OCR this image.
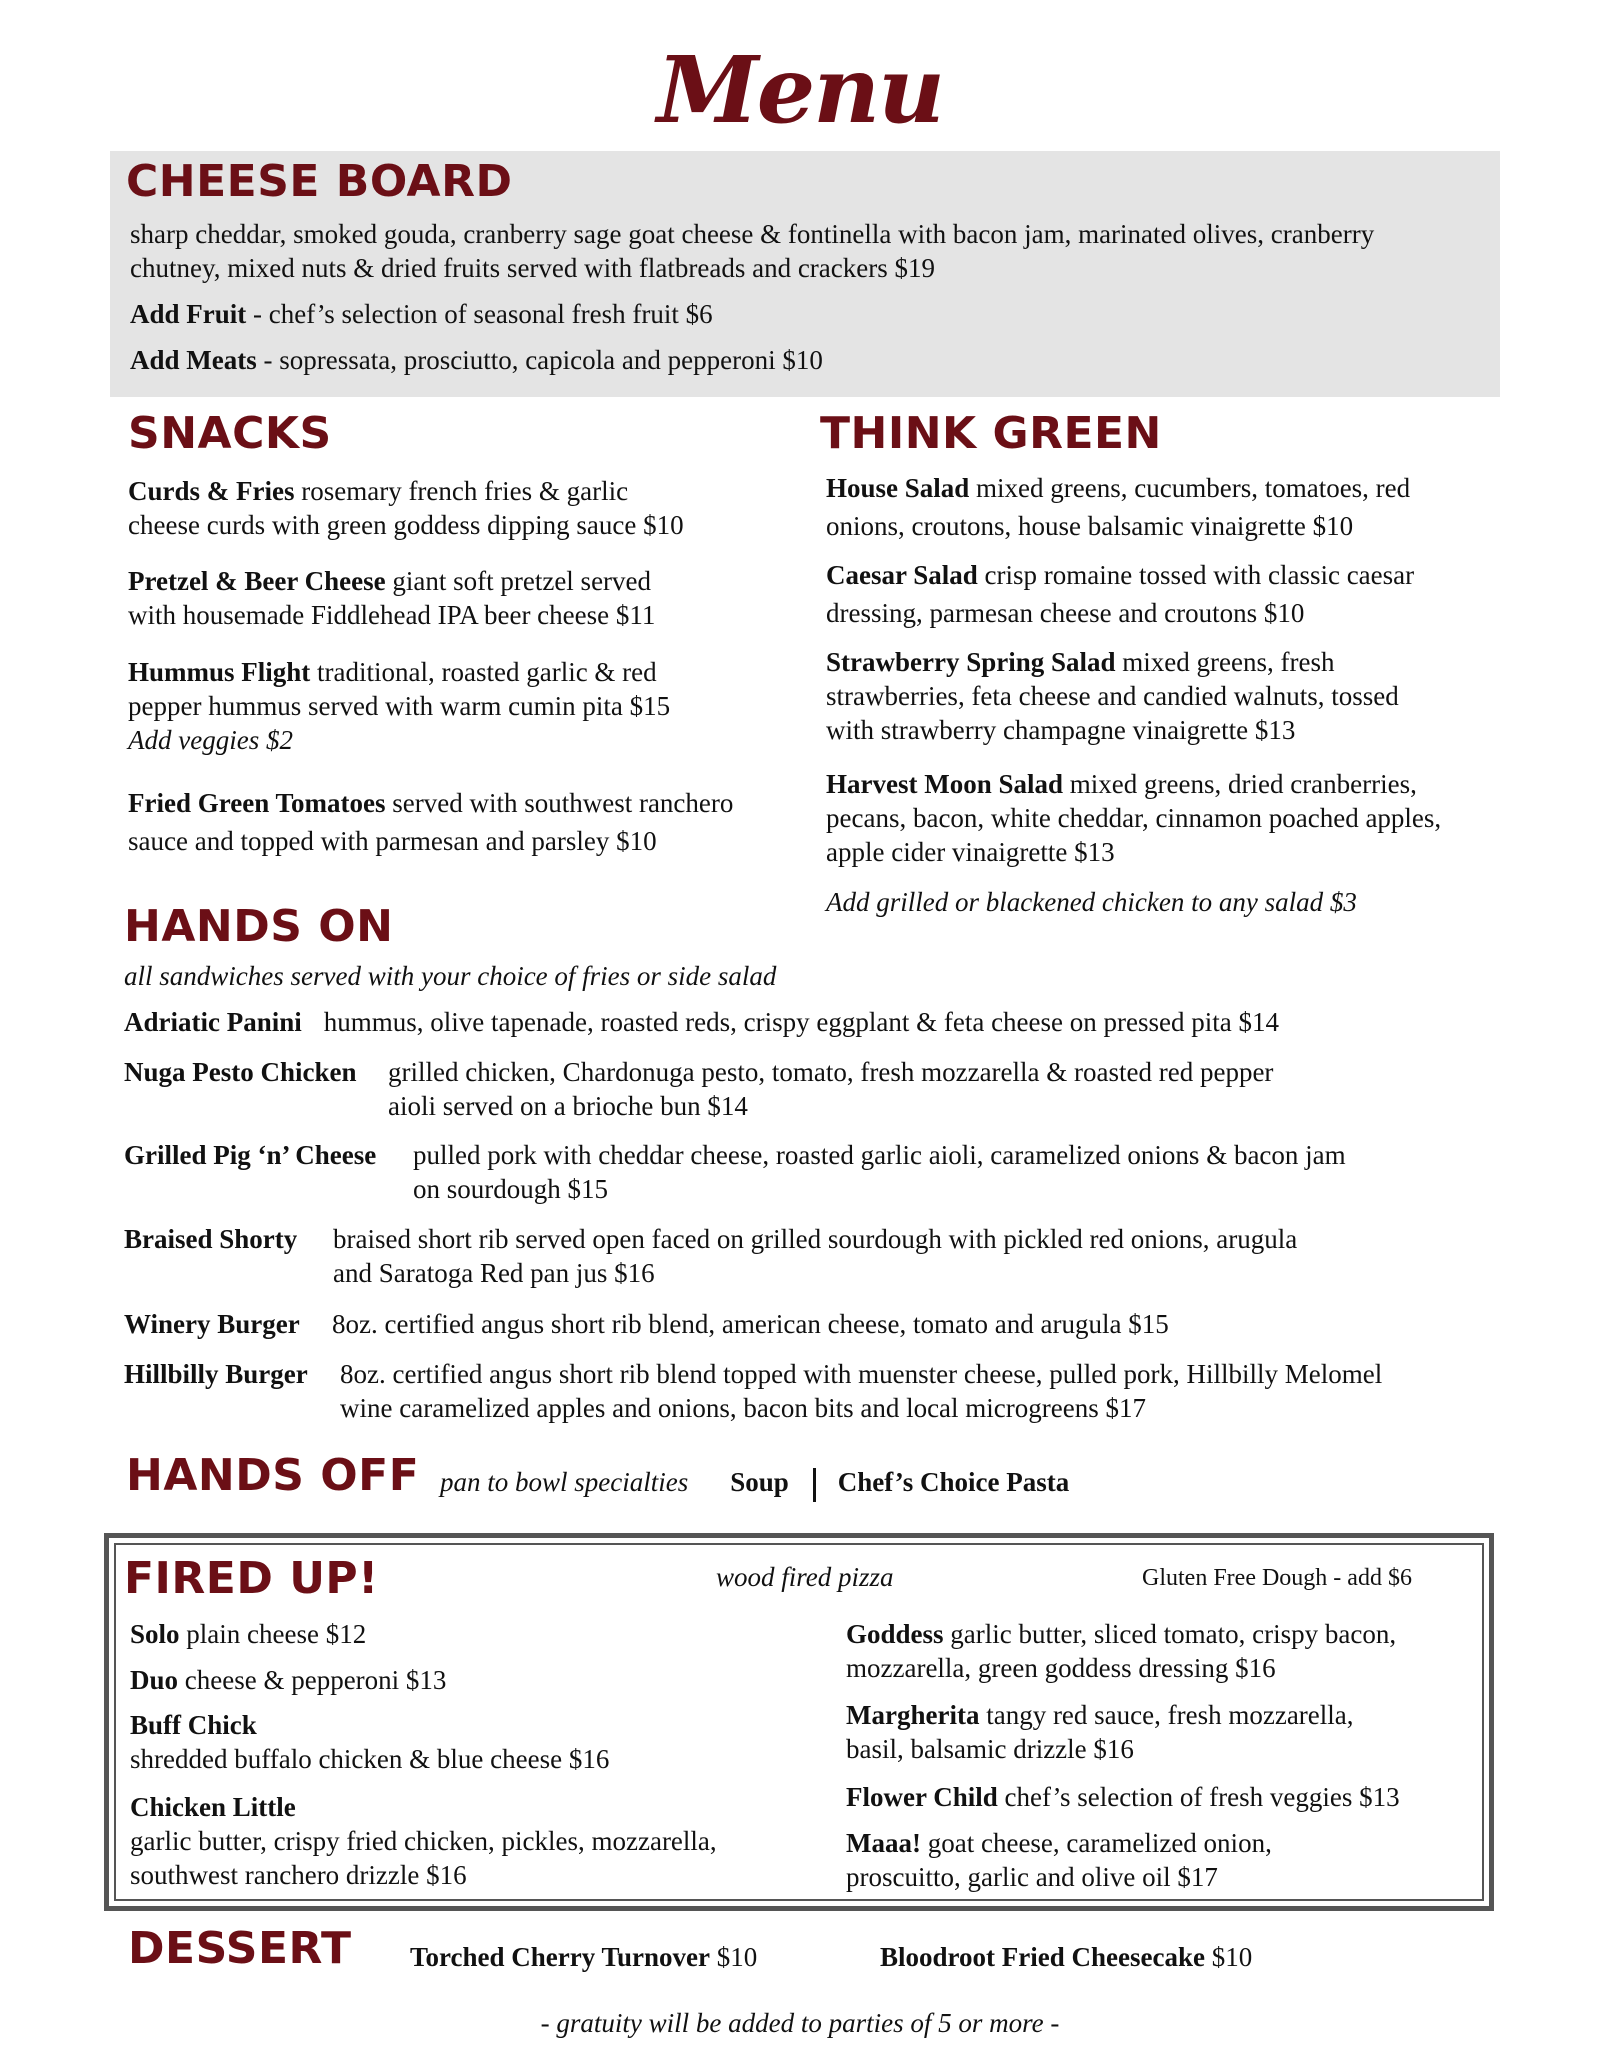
Menu
CHEESE BOARD
sharp cheddar, smoked gouda, cranberry sage goat cheese & fontinella with bacon jam, marinated olives, cranberry
chutney, mixed nuts & dried fruits served with flatbreads and crackers $19
Add Fruit - chef’s selection of seasonal fresh fruit $6
Add Meats - sopressata, prosciutto, capicola and pepperoni $10
SNACKS
Curds & Fries rosemary french fries & garlic
cheese curds with green goddess dipping sauce $10
Pretzel & Beer Cheese giant soft pretzel served
with housemade Fiddlehead IPA beer cheese $11
Hummus Flight traditional, roasted garlic & red
pepper hummus served with warm cumin pita $15
Add veggies $2
Fried Green Tomatoes served with southwest ranchero
sauce and topped with parmesan and parsley $10
THINK GREEN
House Salad mixed greens, cucumbers, tomatoes, red
onions, croutons, house balsamic vinaigrette $10
Caesar Salad crisp romaine tossed with classic caesar
dressing, parmesan cheese and croutons $10
Strawberry Spring Salad mixed greens, fresh
strawberries, feta cheese and candied walnuts, tossed
with strawberry champagne vinaigrette $13
Harvest Moon Salad mixed greens, dried cranberries,
pecans, bacon, white cheddar, cinnamon poached apples,
apple cider vinaigrette $13
Add grilled or blackened chicken to any salad $3
HANDS ON
all sandwiches served with your choice of fries or side salad
Adriatic Panini hummus, olive tapenade, roasted reds, crispy eggplant & feta cheese on pressed pita $14
Nuga Pesto Chicken grilled chicken, Chardonuga pesto, tomato, fresh mozzarella & roasted red pepper
aioli served on a brioche bun $14
Grilled Pig ‘n’ Cheese pulled pork with cheddar cheese, roasted garlic aioli, caramelized onions & bacon jam
on sourdough $15
Braised Shorty braised short rib served open faced on grilled sourdough with pickled red onions, arugula
and Saratoga Red pan jus $16
Winery Burger 8oz. certified angus short rib blend, american cheese, tomato and arugula $15
Hillbilly Burger 8oz. certified angus short rib blend topped with muenster cheese, pulled pork, Hillbilly Melomel
wine caramelized apples and onions, bacon bits and local microgreens $17
HANDS OFF pan to bowl specialties Soup Chef’s Choice Pasta
FIRED UP!	wood fired pizza	Gluten Free Dough - add $6
Solo plain cheese $12
Duo cheese & pepperoni $13
Buff Chick
shredded buffalo chicken & blue cheese $16
Chicken Little
garlic butter, crispy fried chicken, pickles, mozzarella,
southwest ranchero drizzle $16
Goddess garlic butter, sliced tomato, crispy bacon,
mozzarella, green goddess dressing $16
Margherita tangy red sauce, fresh mozzarella,
basil, balsamic drizzle $16
Flower Child chef’s selection of fresh veggies $13
Maaa! goat cheese, caramelized onion,
proscuitto, garlic and olive oil $17
DESSERT Torched Cherry Turnover $10	Bloodroot Fried Cheesecake $10
- gratuity will be added to parties of 5 or more -
